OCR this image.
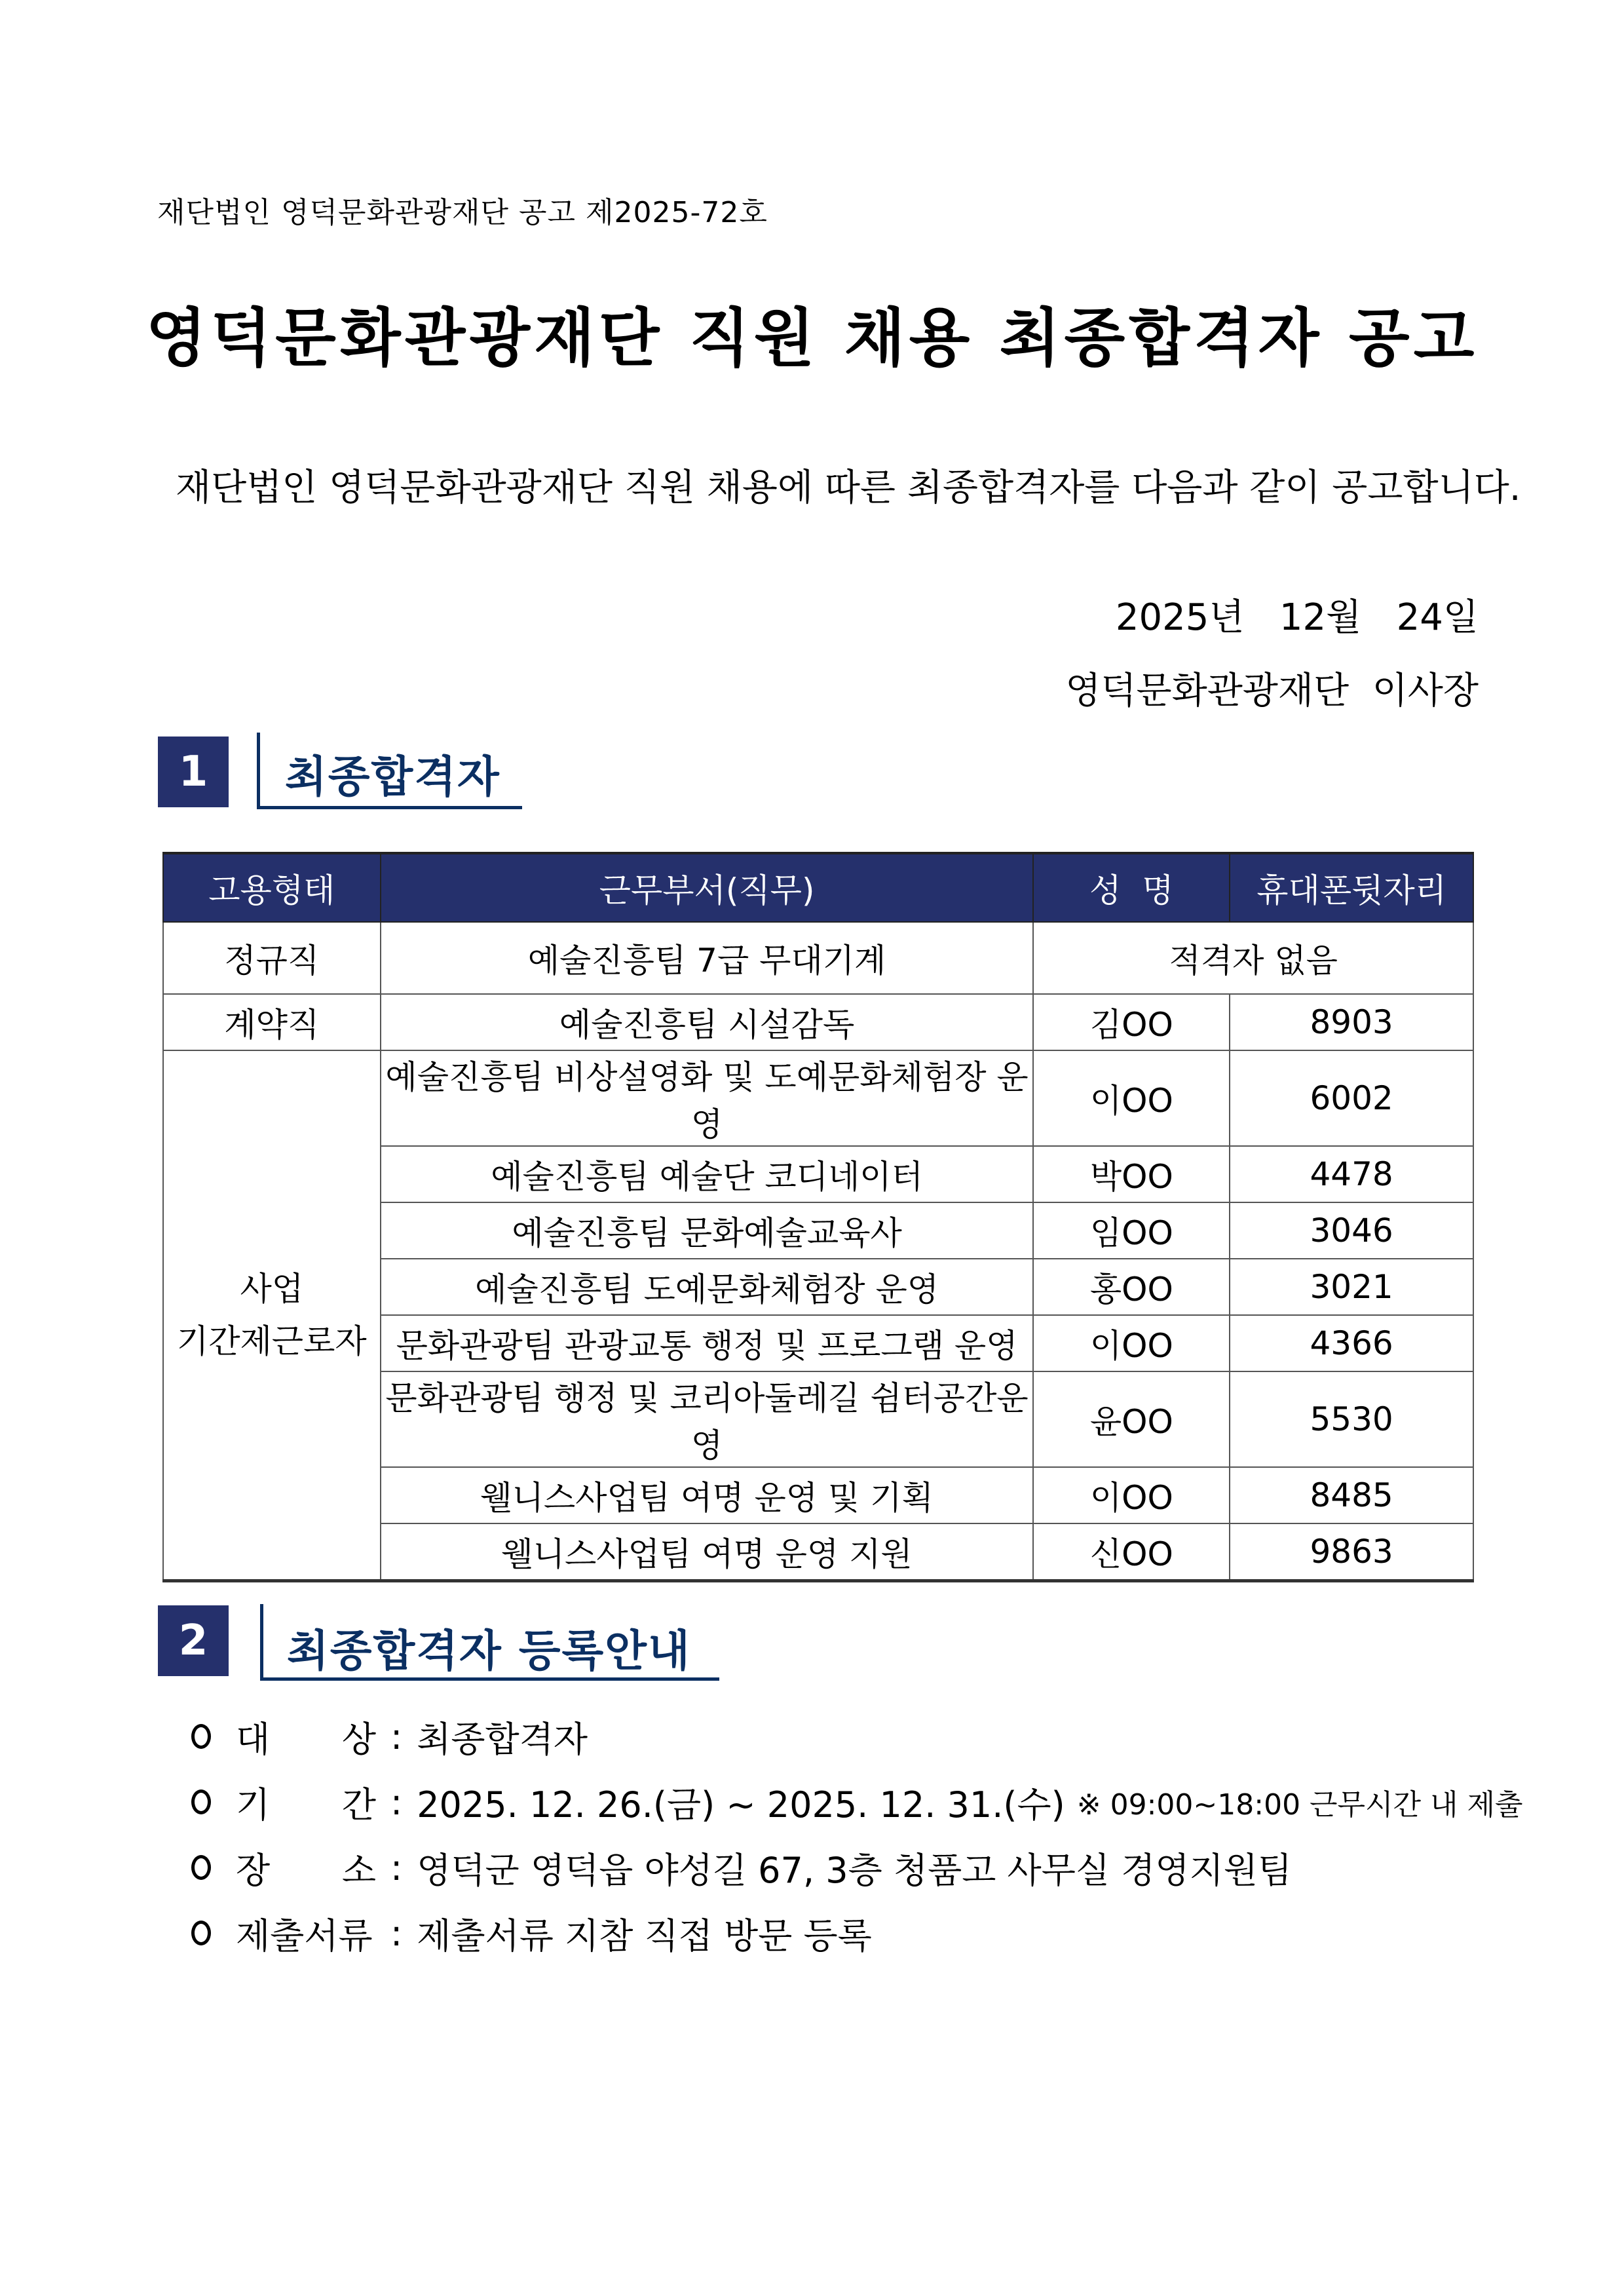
재단법인 영덕문화관광재단 공고 제2025-72호
영덕문화관광재단 직원 채용 최종합격자 공고
재단법인 영덕문화관광재단 직원 채용에 따른 최종합격자를 다음과 같이 공고합니다.
2025년   12월   24일
영덕문화관광재단  이사장
1	최종합격자
고용형태	근무부서(직무)	성  명	휴대폰뒷자리
정규직	예술진흥팀 7급 무대기계	적격자 없음	
계약직	예술진흥팀 시설감독	김OO	8903

사업
기간제근로자	예술진흥팀 비상설영화 및 도예문화체험장 운영	이OO	6002
	예술진흥팀 예술단 코디네이터	박OO	4478
	예술진흥팀 문화예술교육사	임OO	3046
	예술진흥팀 도예문화체험장 운영	홍OO	3021
	문화관광팀 관광교통 행정 및 프로그램 운영	이OO	4366
	문화관광팀 행정 및 코리아둘레길 쉼터공간운영	윤OO	5530
	웰니스사업팀 여명 운영 및 기획	이OO	8485
	웰니스사업팀 여명 운영 지원	신OO	9863
2	최종합격자 등록안내
대 상 : 최종합격자
기 간 : 2025. 12. 26.(금) ~ 2025. 12. 31.(수) ※ 09:00~18:00 근무시간 내 제출
장 소 : 영덕군 영덕읍 야성길 67, 3층 청품고 사무실 경영지원팀
제출서류 : 제출서류 지참 직접 방문 등록
